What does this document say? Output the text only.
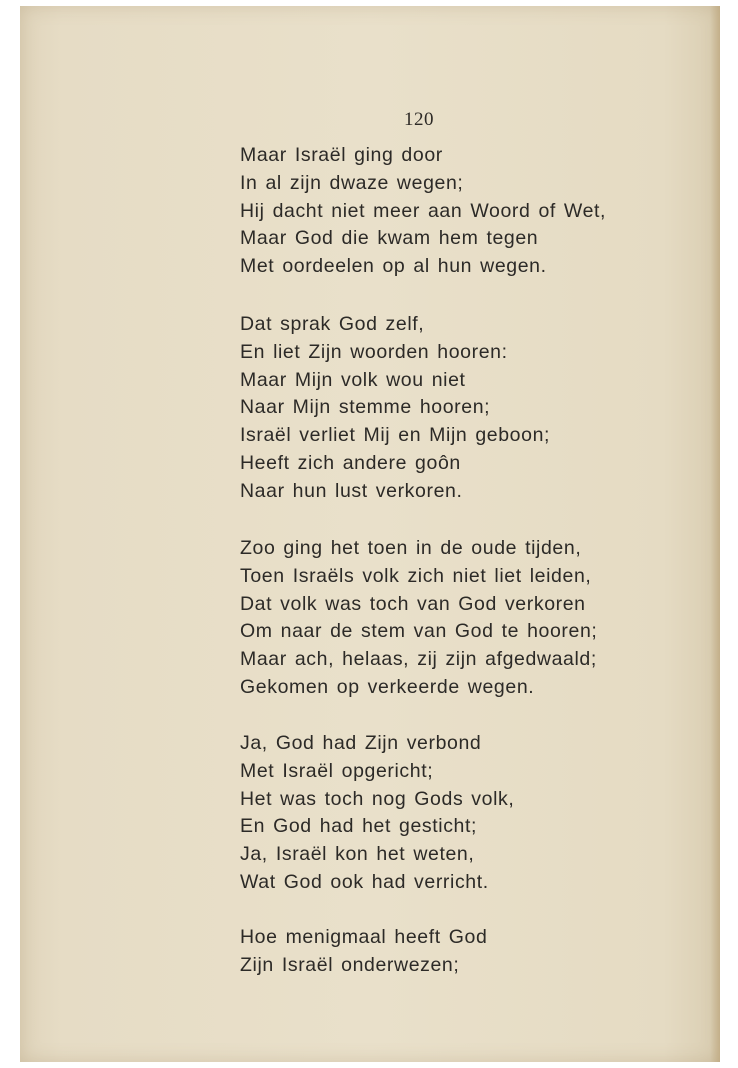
120
Maar Israël ging door
In al zijn dwaze wegen;
Hij dacht niet meer aan Woord of Wet,
Maar God die kwam hem tegen
Met oordeelen op al hun wegen.
Dat sprak God zelf,
En liet Zijn woorden hooren:
Maar Mijn volk wou niet
Naar Mijn stemme hooren;
Israël verliet Mij en Mijn geboon;
Heeft zich andere goôn
Naar hun lust verkoren.
Zoo ging het toen in de oude tijden,
Toen Israëls volk zich niet liet leiden,
Dat volk was toch van God verkoren
Om naar de stem van God te hooren;
Maar ach, helaas, zij zijn afgedwaald;
Gekomen op verkeerde wegen.
Ja, God had Zijn verbond
Met Israël opgericht;
Het was toch nog Gods volk,
En God had het gesticht;
Ja, Israël kon het weten,
Wat God ook had verricht.
Hoe menigmaal heeft God
Zijn Israël onderwezen;
